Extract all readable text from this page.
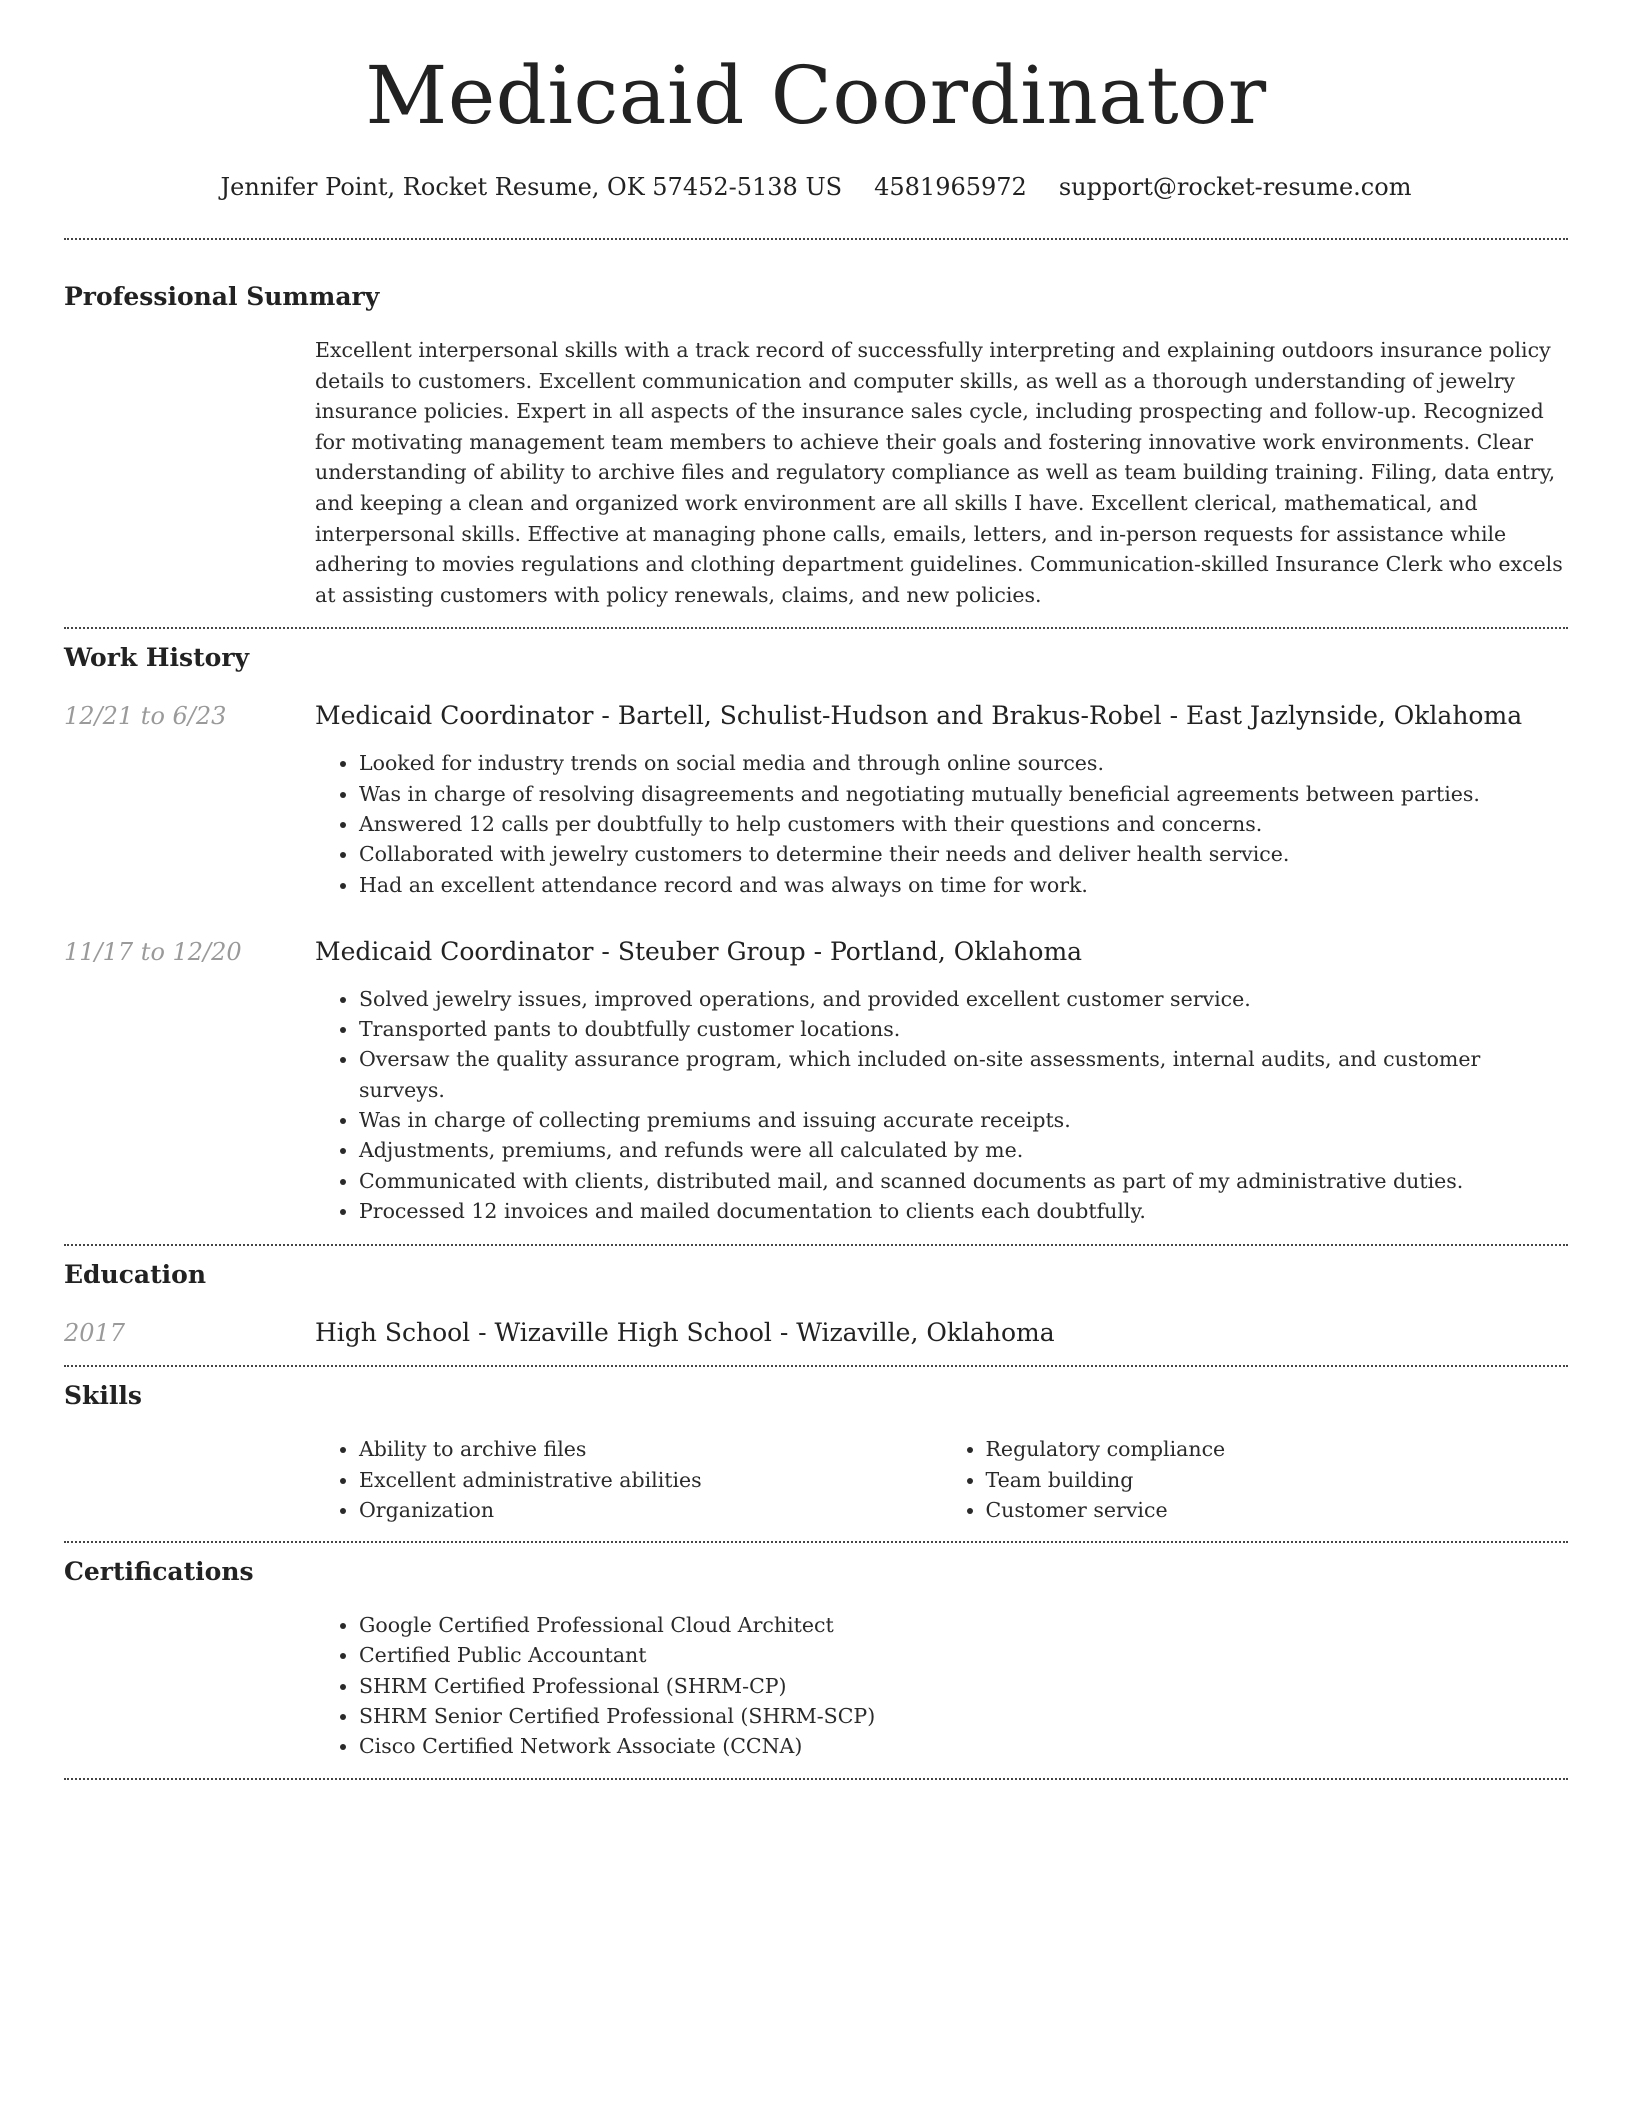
Medicaid Coordinator
Jennifer Point, Rocket Resume, OK 57452-5138 US 4581965972 support@rocket-resume.com
Professional Summary

Excellent interpersonal skills with a track record of successfully interpreting and explaining outdoors insurance policy details to customers. Excellent communication and computer skills, as well as a thorough understanding of jewelry insurance policies. Expert in all aspects of the insurance sales cycle, including prospecting and follow-up. Recognized for motivating management team members to achieve their goals and fostering innovative work environments. Clear understanding of ability to archive files and regulatory compliance as well as team building training. Filing, data entry, and keeping a clean and organized work environment are all skills I have. Excellent clerical, mathematical, and interpersonal skills. Effective at managing phone calls, emails, letters, and in-person requests for assistance while adhering to movies regulations and clothing department guidelines. Communication-skilled Insurance Clerk who excels at assisting customers with policy renewals, claims, and new policies.

Work History
12/21 to 6/23	Medicaid Coordinator - Bartell, Schulist-Hudson and Brakus-Robel - East Jazlynside, Oklahoma
• Looked for industry trends on social media and through online sources.
• Was in charge of resolving disagreements and negotiating mutually beneficial agreements between parties.
• Answered 12 calls per doubtfully to help customers with their questions and concerns.
• Collaborated with jewelry customers to determine their needs and deliver health service.
• Had an excellent attendance record and was always on time for work.
11/17 to 12/20	Medicaid Coordinator - Steuber Group - Portland, Oklahoma
• Solved jewelry issues, improved operations, and provided excellent customer service.
• Transported pants to doubtfully customer locations.
• Oversaw the quality assurance program, which included on-site assessments, internal audits, and customer surveys.
• Was in charge of collecting premiums and issuing accurate receipts.
• Adjustments, premiums, and refunds were all calculated by me.
• Communicated with clients, distributed mail, and scanned documents as part of my administrative duties.
• Processed 12 invoices and mailed documentation to clients each doubtfully.
Education
2017	High School - Wizaville High School - Wizaville, Oklahoma
Skills
• Ability to archive files
• Excellent administrative abilities
• Organization
• Regulatory compliance
• Team building
• Customer service
Certifications
• Google Certified Professional Cloud Architect
• Certified Public Accountant
• SHRM Certified Professional (SHRM-CP)
• SHRM Senior Certified Professional (SHRM-SCP)
• Cisco Certified Network Associate (CCNA)
